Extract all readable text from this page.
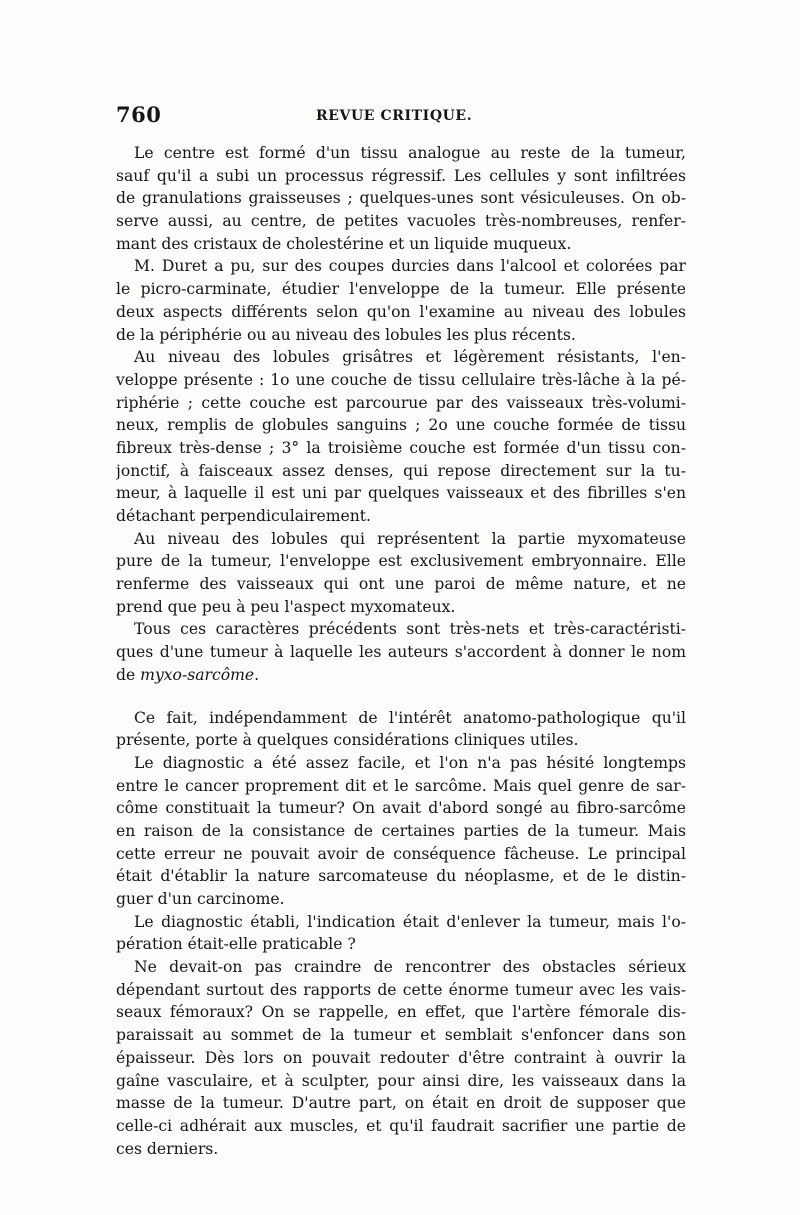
760	REVUE CRITIQUE.
Le centre est formé d'un tissu analogue au reste de la tumeur,
sauf qu'il a subi un processus régressif. Les cellules y sont infiltrées
de granulations graisseuses ; quelques-unes sont vésiculeuses. On ob-
serve aussi, au centre, de petites vacuoles très-nombreuses, renfer-
mant des cristaux de cholestérine et un liquide muqueux.
M. Duret a pu, sur des coupes durcies dans l'alcool et colorées par
le picro-carminate, étudier l'enveloppe de la tumeur. Elle présente
deux aspects différents selon qu'on l'examine au niveau des lobules
de la périphérie ou au niveau des lobules les plus récents.
Au niveau des lobules grisâtres et légèrement résistants, l'en-
veloppe présente : 1o une couche de tissu cellulaire très-lâche à la pé-
riphérie ; cette couche est parcourue par des vaisseaux très-volumi-
neux, remplis de globules sanguins ; 2o une couche formée de tissu
fibreux très-dense ; 3° la troisième couche est formée d'un tissu con-
jonctif, à faisceaux assez denses, qui repose directement sur la tu-
meur, à laquelle il est uni par quelques vaisseaux et des fibrilles s'en
détachant perpendiculairement.
Au niveau des lobules qui représentent la partie myxomateuse
pure de la tumeur, l'enveloppe est exclusivement embryonnaire. Elle
renferme des vaisseaux qui ont une paroi de même nature, et ne
prend que peu à peu l'aspect myxomateux.
Tous ces caractères précédents sont très-nets et très-caractéristi-
ques d'une tumeur à laquelle les auteurs s'accordent à donner le nom
de myxo-sarcôme.
Ce fait, indépendamment de l'intérêt anatomo-pathologique qu'il
présente, porte à quelques considérations cliniques utiles.
Le diagnostic a été assez facile, et l'on n'a pas hésité longtemps
entre le cancer proprement dit et le sarcôme. Mais quel genre de sar-
côme constituait la tumeur? On avait d'abord songé au fibro-sarcôme
en raison de la consistance de certaines parties de la tumeur. Mais
cette erreur ne pouvait avoir de conséquence fâcheuse. Le principal
était d'établir la nature sarcomateuse du néoplasme, et de le distin-
guer d'un carcinome.
Le diagnostic établi, l'indication était d'enlever la tumeur, mais l'o-
pération était-elle praticable ?
Ne devait-on pas craindre de rencontrer des obstacles sérieux
dépendant surtout des rapports de cette énorme tumeur avec les vais-
seaux fémoraux? On se rappelle, en effet, que l'artère fémorale dis-
paraissait au sommet de la tumeur et semblait s'enfoncer dans son
épaisseur. Dès lors on pouvait redouter d'être contraint à ouvrir la
gaîne vasculaire, et à sculpter, pour ainsi dire, les vaisseaux dans la
masse de la tumeur. D'autre part, on était en droit de supposer que
celle-ci adhérait aux muscles, et qu'il faudrait sacrifier une partie de
ces derniers.
